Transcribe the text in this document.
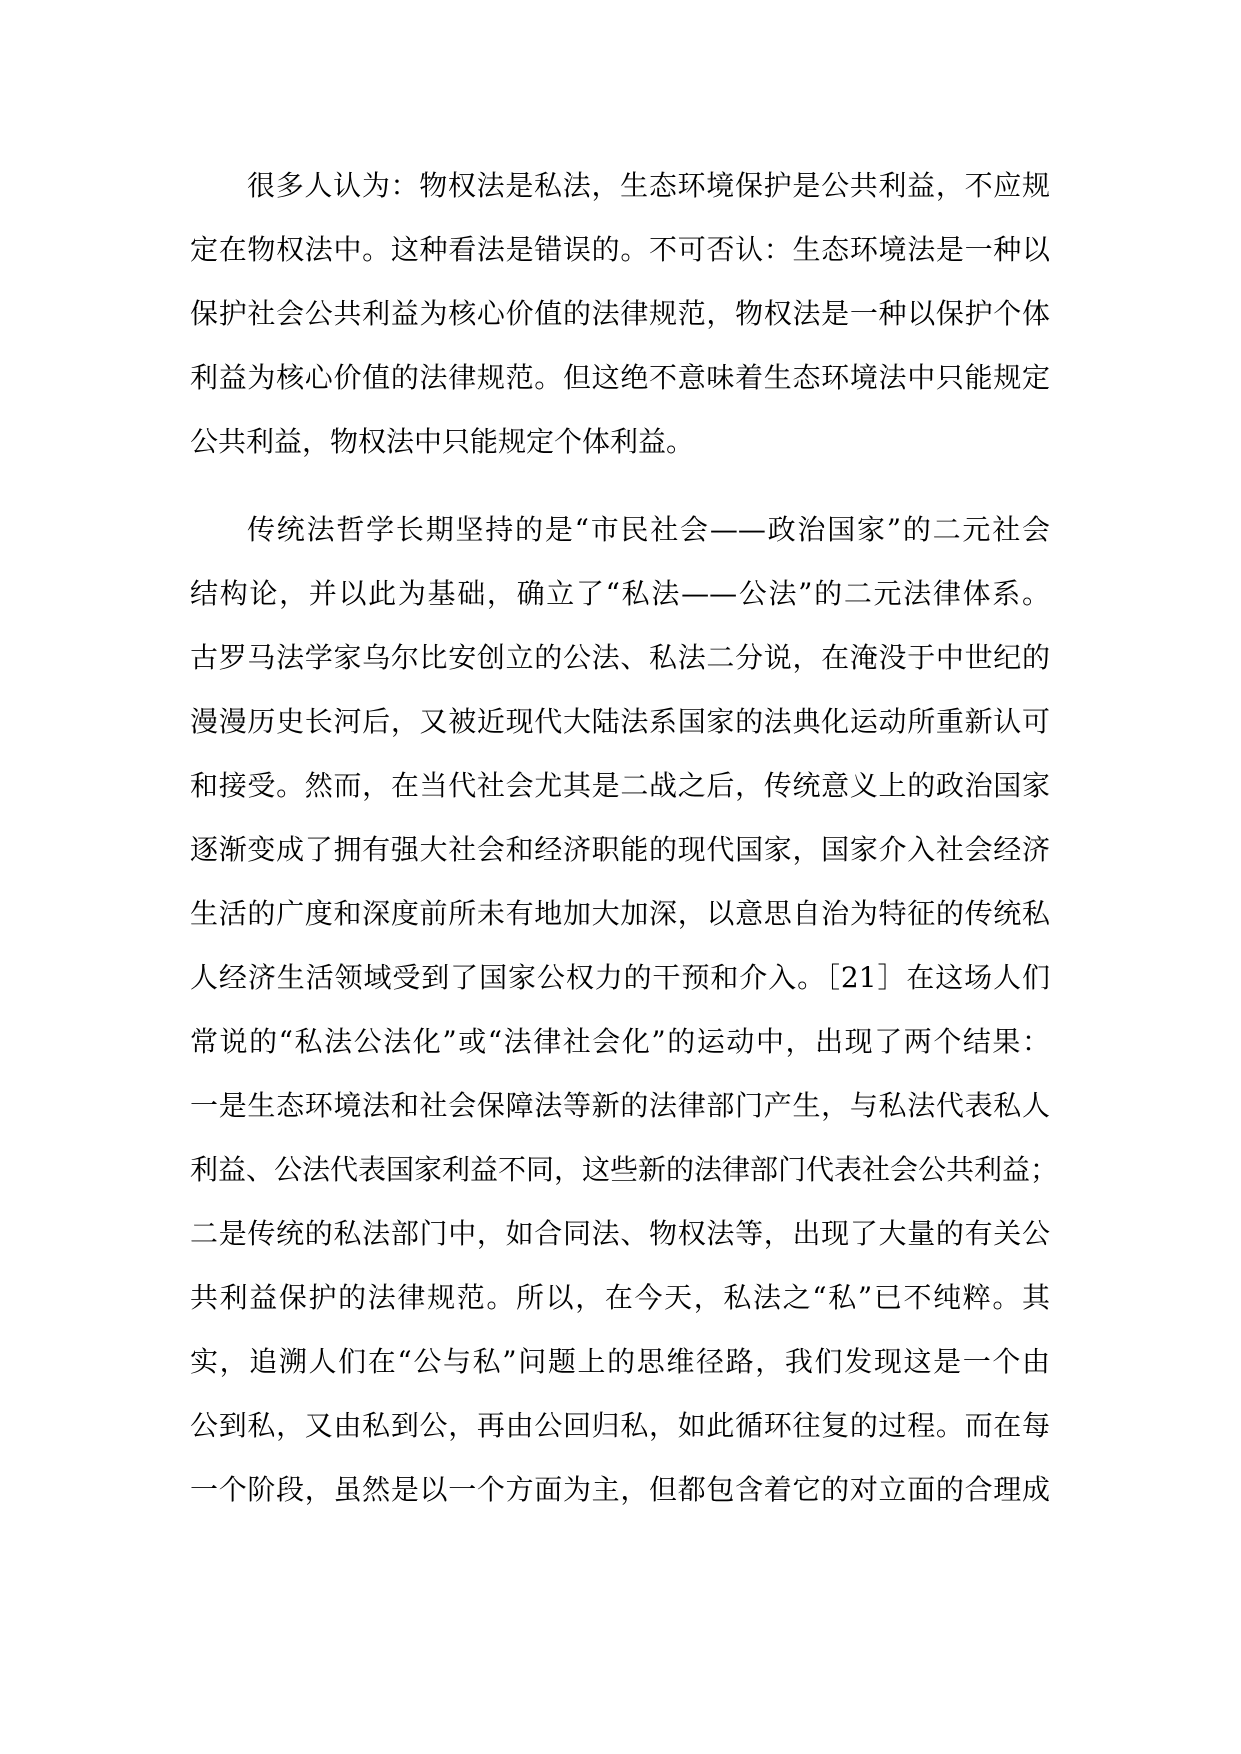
很多人认为：物权法是私法，生态环境保护是公共利益，不应规
定在物权法中。这种看法是错误的。不可否认：生态环境法是一种以
保护社会公共利益为核心价值的法律规范，物权法是一种以保护个体
利益为核心价值的法律规范。但这绝不意味着生态环境法中只能规定
公共利益，物权法中只能规定个体利益。
传统法哲学长期坚持的是“市民社会——政治国家”的二元社会
结构论，并以此为基础，确立了“私法——公法”的二元法律体系。
古罗马法学家乌尔比安创立的公法、私法二分说，在淹没于中世纪的
漫漫历史长河后，又被近现代大陆法系国家的法典化运动所重新认可
和接受。然而，在当代社会尤其是二战之后，传统意义上的政治国家
逐渐变成了拥有强大社会和经济职能的现代国家，国家介入社会经济
生活的广度和深度前所未有地加大加深，以意思自治为特征的传统私
人经济生活领域受到了国家公权力的干预和介入。［21］在这场人们
常说的“私法公法化”或“法律社会化”的运动中，出现了两个结果：
一是生态环境法和社会保障法等新的法律部门产生，与私法代表私人
利益、公法代表国家利益不同，这些新的法律部门代表社会公共利益；
二是传统的私法部门中，如合同法、物权法等，出现了大量的有关公
共利益保护的法律规范。所以，在今天，私法之“私”已不纯粹。其
实，追溯人们在“公与私”问题上的思维径路，我们发现这是一个由
公到私，又由私到公，再由公回归私，如此循环往复的过程。而在每
一个阶段，虽然是以一个方面为主，但都包含着它的对立面的合理成
